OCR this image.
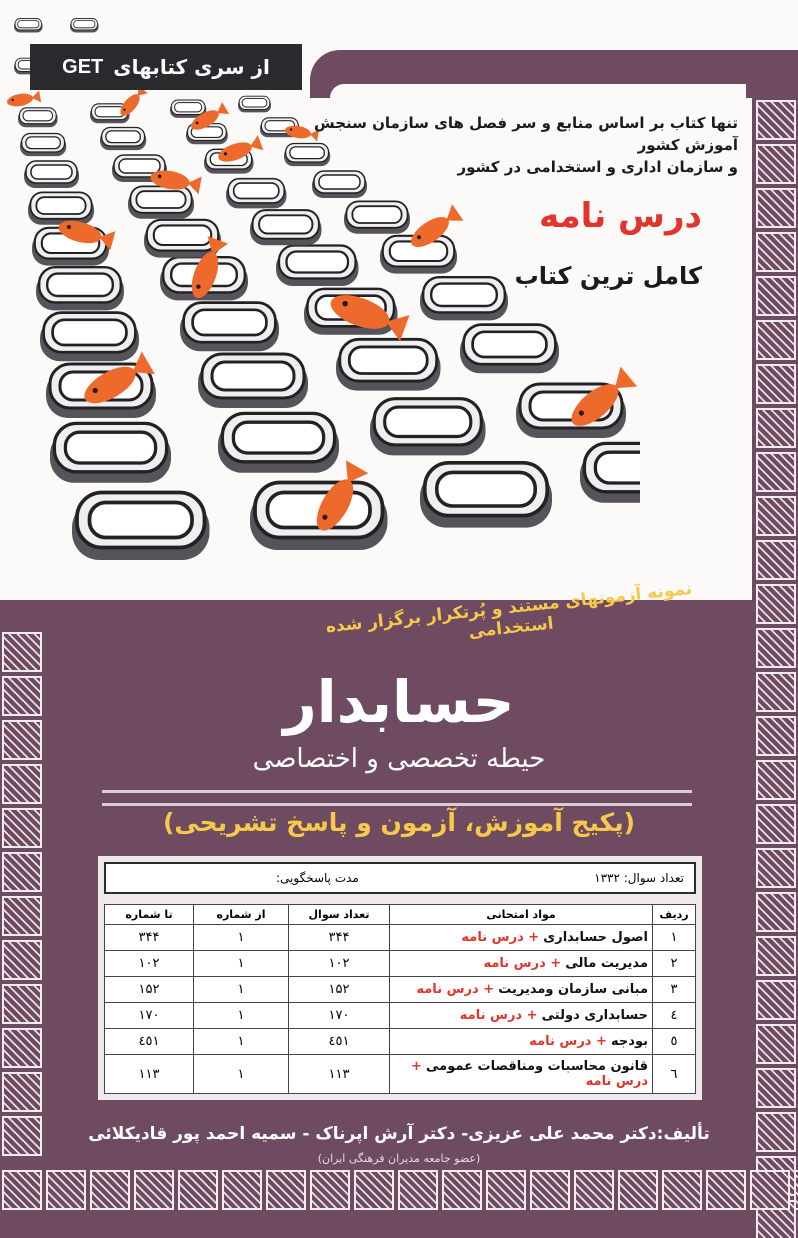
از سری کتابهای
GET
تنها کتاب بر اساس منابع و سر فصل های سازمان سنجش آموزش کشور
و سازمان اداری و استخدامی در کشور
درس نامه
کامل ترین کتاب
نمونه آزمونهای مستند و پُرتکرار برگزار شده استخدامی
حسابدار
حیطه تخصصی و اختصاصی
(پکیج آموزش، آزمون و پاسخ تشریحی)
تعداد سوال: ۱۳۳۲
مدت پاسخگویی:
ردیف	مواد امتحانی	تعداد سوال	از شماره	تا شماره
۱	اصول حسابداری + درس نامه	۳۴۴	۱	۳۴۴
۲	مدیریت مالی + درس نامه	۱۰۲	۱	۱۰۲
۳	مبانی سازمان ومدیریت + درس نامه	۱۵۲	۱	۱۵۲
٤	حسابداری دولتی + درس نامه	۱۷۰	۱	۱۷۰
٥	بودجه + درس نامه	٤٥۱	۱	٤٥۱
٦	قانون محاسبات ومناقصات عمومی + درس نامه	۱۱۳	۱	۱۱۳
تألیف:دکتر محمد علی عزیزی- دکتر آرش اپرناک - سمیه احمد پور قادیکلائی
(عضو جامعه مدیران فرهنگی ایران)
